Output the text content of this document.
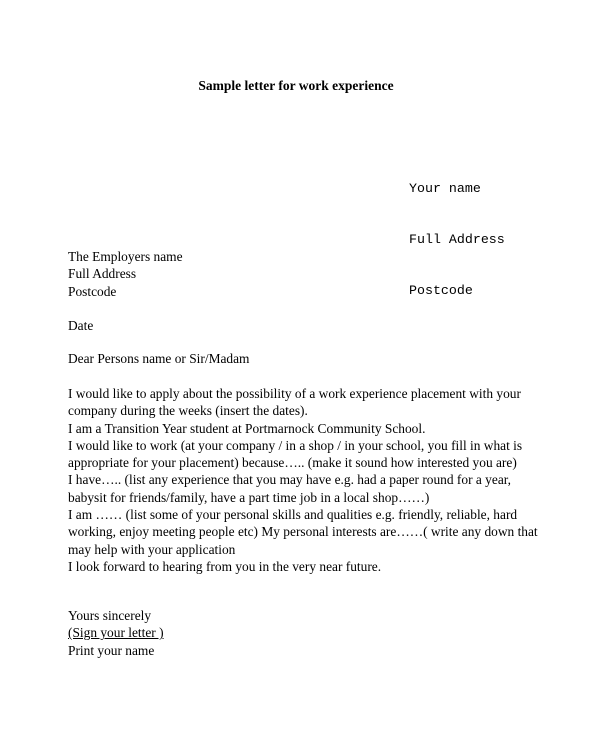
Sample letter for work experience

Your name

Full Address

Postcode

The Employers name
Full Address
Postcode
Date
Dear Persons name or Sir/Madam
I would like to apply about the possibility of a work experience placement with your
company during the weeks (insert the dates).
I am a Transition Year student at Portmarnock Community School.
I would like to work (at your company / in a shop / in your school, you fill in what is
appropriate for your placement) because….. (make it sound how interested you are)
I have….. (list any experience that you may have e.g. had a paper round for a year,
babysit for friends/family, have a part time job in a local shop……)
I am …… (list some of your personal skills and qualities e.g. friendly, reliable, hard
working, enjoy meeting people etc) My personal interests are……( write any down that
may help with your application
I look forward to hearing from you in the very near future.
Yours sincerely
(Sign your letter )
Print your name
